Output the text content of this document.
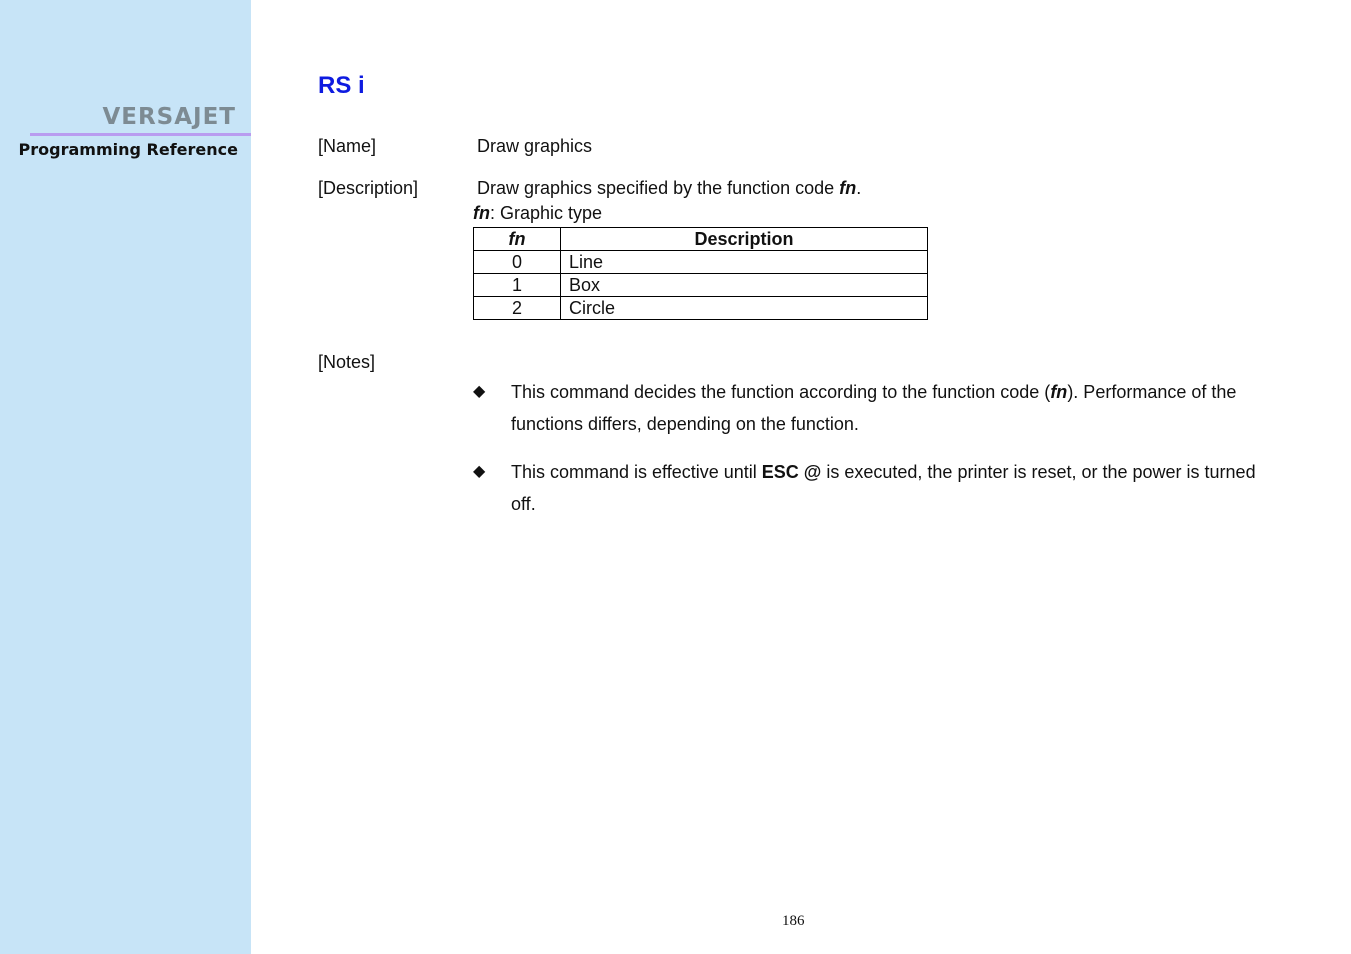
VERSAJET
Programming Reference
RS i
[Name]	Draw graphics
[Description]	Draw graphics specified by the function code fn.
fn: Graphic type
fn	Description
0	Line
1	Box
2	Circle
[Notes]
◆ This command decides the function according to the function code (fn). Performance of the functions differs, depending on the function.
◆ This command is effective until ESC @ is executed, the printer is reset, or the power is turned off.
186
